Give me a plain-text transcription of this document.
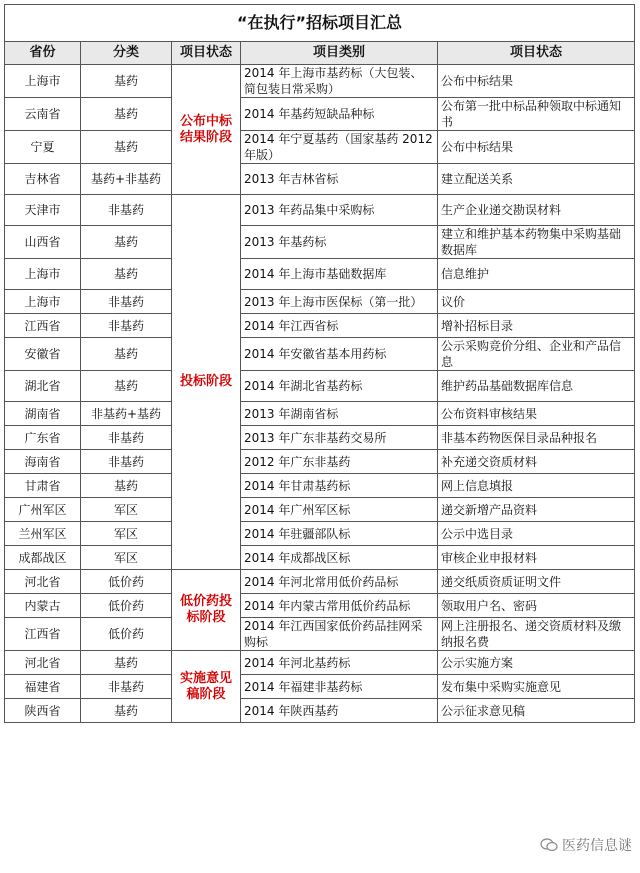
“在执行”招标项目汇总				
省份	分类	项目状态	项目类别	项目状态
上海市	基药	公布中标结果阶段	2014 年上海市基药标（大包装、简包装日常采购）	公布中标结果
云南省	基药		2014 年基药短缺品种标	公布第一批中标品种领取中标通知书
宁夏	基药		2014 年宁夏基药（国家基药 2012 年版）	公布中标结果
吉林省	基药+非基药		2013 年吉林省标	建立配送关系
天津市	非基药	投标阶段	2013 年药品集中采购标	生产企业递交勘误材料
山西省	基药		2013 年基药标	建立和维护基本药物集中采购基础数据库
上海市	基药		2014 年上海市基础数据库	信息维护
上海市	非基药		2013 年上海市医保标（第一批）	议价
江西省	非基药		2014 年江西省标	增补招标目录
安徽省	基药		2014 年安徽省基本用药标	公示采购竞价分组、企业和产品信息
湖北省	基药		2014 年湖北省基药标	维护药品基础数据库信息
湖南省	非基药+基药		2013 年湖南省标	公布资料审核结果
广东省	非基药		2013 年广东非基药交易所	非基本药物医保目录品种报名
海南省	非基药		2012 年广东非基药	补充递交资质材料
甘肃省	基药		2014 年甘肃基药标	网上信息填报
广州军区	军区		2014 年广州军区标	递交新增产品资料
兰州军区	军区		2014 年驻疆部队标	公示中选目录
成都战区	军区		2014 年成都战区标	审核企业申报材料
河北省	低价药	低价药投标阶段	2014 年河北常用低价药品标	递交纸质资质证明文件
内蒙古	低价药		2014 年内蒙古常用低价药品标	领取用户名、密码
江西省	低价药		2014 年江西国家低价药品挂网采购标	网上注册报名、递交资质材料及缴纳报名费
河北省	基药	实施意见稿阶段	2014 年河北基药标	公示实施方案
福建省	非基药		2014 年福建非基药标	发布集中采购实施意见
陕西省	基药		2014 年陕西基药	公示征求意见稿
医药信息谜
